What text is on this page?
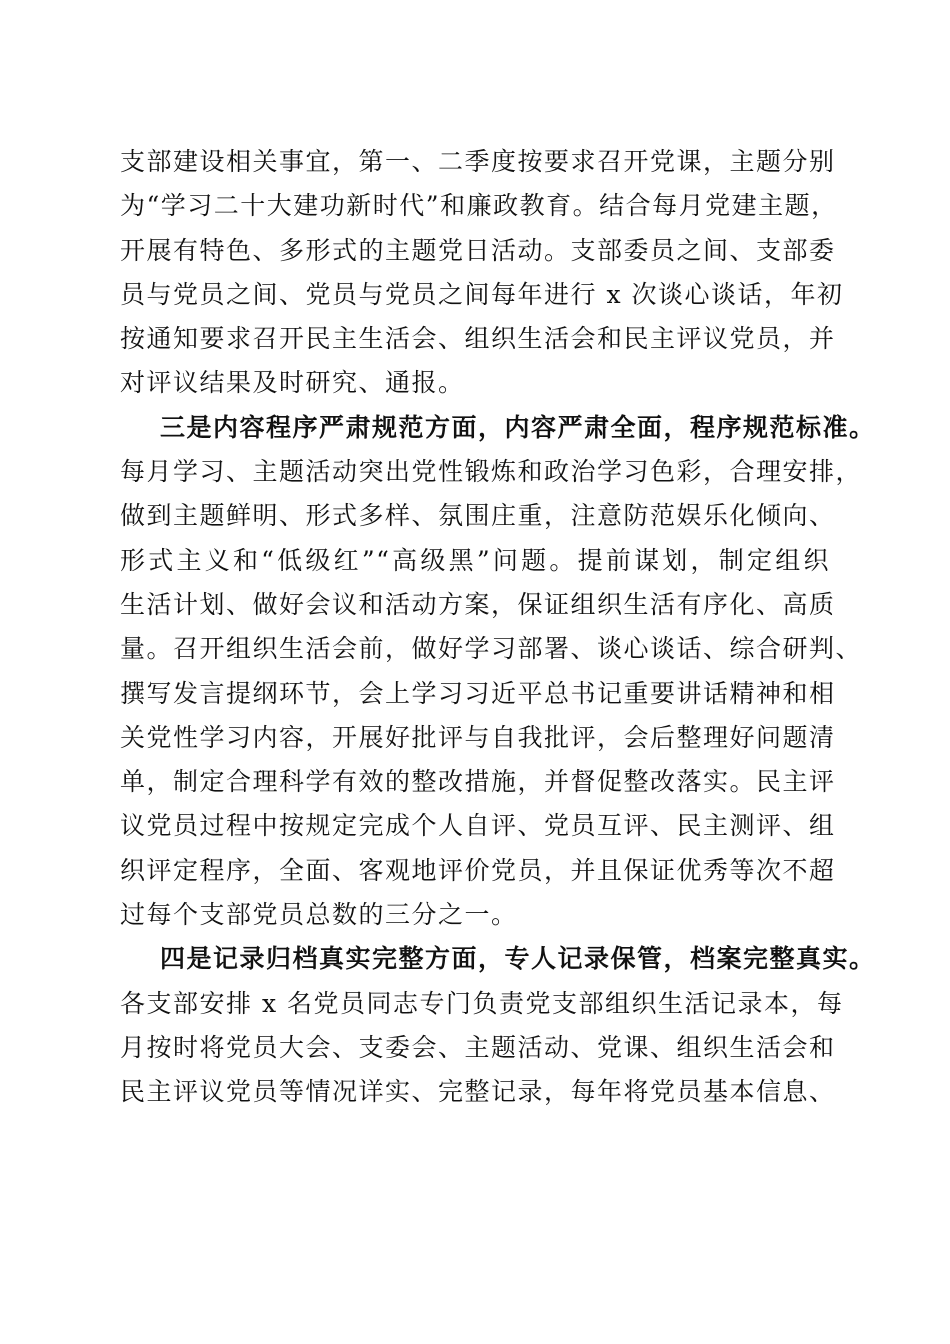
支部建设相关事宜，第一、二季度按要求召开党课，主题分别
为“学习二十大建功新时代”和廉政教育。结合每月党建主题，
开展有特色、多形式的主题党日活动。支部委员之间、支部委
员与党员之间、党员与党员之间每年进行 x 次谈心谈话，年初
按通知要求召开民主生活会、组织生活会和民主评议党员，并
对评议结果及时研究、通报。
三是内容程序严肃规范方面，内容严肃全面，程序规范标准。
每月学习、主题活动突出党性锻炼和政治学习色彩，合理安排，
做到主题鲜明、形式多样、氛围庄重，注意防范娱乐化倾向、
形式主义和“低级红”“高级黑”问题。提前谋划，制定组织
生活计划、做好会议和活动方案，保证组织生活有序化、高质
量。召开组织生活会前，做好学习部署、谈心谈话、综合研判、
撰写发言提纲环节，会上学习习近平总书记重要讲话精神和相
关党性学习内容，开展好批评与自我批评，会后整理好问题清
单，制定合理科学有效的整改措施，并督促整改落实。民主评
议党员过程中按规定完成个人自评、党员互评、民主测评、组
织评定程序，全面、客观地评价党员，并且保证优秀等次不超
过每个支部党员总数的三分之一。
四是记录归档真实完整方面，专人记录保管，档案完整真实。
各支部安排 x 名党员同志专门负责党支部组织生活记录本，每
月按时将党员大会、支委会、主题活动、党课、组织生活会和
民主评议党员等情况详实、完整记录，每年将党员基本信息、
